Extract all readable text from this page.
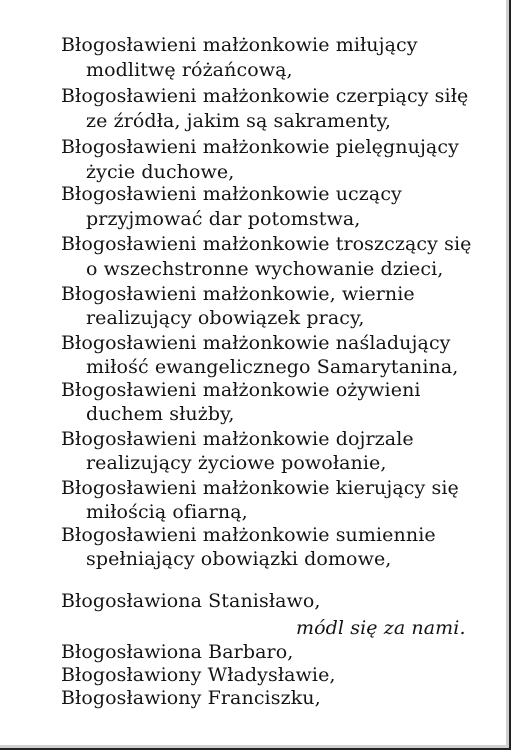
Błogosławieni małżonkowie miłujący
modlitwę różańcową,
Błogosławieni małżonkowie czerpiący siłę
ze źródła, jakim są sakramenty,
Błogosławieni małżonkowie pielęgnujący
życie duchowe,
Błogosławieni małżonkowie uczący
przyjmować dar potomstwa,
Błogosławieni małżonkowie troszczący się
o wszechstronne wychowanie dzieci,
Błogosławieni małżonkowie, wiernie
realizujący obowiązek pracy,
Błogosławieni małżonkowie naśladujący
miłość ewangelicznego Samarytanina,
Błogosławieni małżonkowie ożywieni
duchem służby,
Błogosławieni małżonkowie dojrzale
realizujący życiowe powołanie,
Błogosławieni małżonkowie kierujący się
miłością ofiarną,
Błogosławieni małżonkowie sumiennie
spełniający obowiązki domowe,
Błogosławiona Stanisławo,
módl się za nami.
Błogosławiona Barbaro,
Błogosławiony Władysławie,
Błogosławiony Franciszku,
